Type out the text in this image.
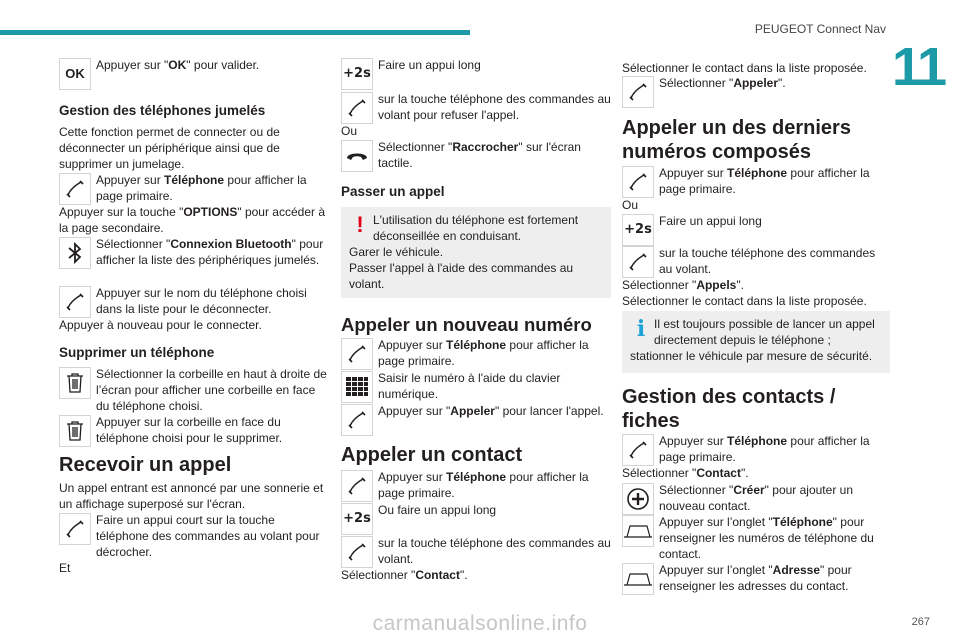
PEUGEOT Connect Nav
11
OK
Appuyer sur "OK" pour valider.
Gestion des téléphones jumelés

Cette fonction permet de connecter ou de déconnecter un périphérique ainsi que de supprimer un jumelage.

Appuyer sur Téléphone pour afficher la page primaire.

Appuyer sur la touche "OPTIONS" pour accéder à la page secondaire.

Sélectionner "Connexion Bluetooth" pour afficher la liste des périphériques jumelés.
Appuyer sur le nom du téléphone choisi dans la liste pour le déconnecter.

Appuyer à nouveau pour le connecter.

Supprimer un téléphone
Sélectionner la corbeille en haut à droite de l’écran pour afficher une corbeille en face du téléphone choisi.
Appuyer sur la corbeille en face du téléphone choisi pour le supprimer.
Recevoir un appel

Un appel entrant est annoncé par une sonnerie et un affichage superposé sur l'écran.

Faire un appui court sur la touche téléphone des commandes au volant pour décrocher.

Et

+2s
Faire un appui long
sur la touche téléphone des commandes au volant pour refuser l'appel.

Ou

Sélectionner "Raccrocher" sur l'écran tactile.
Passer un appel
! L'utilisation du téléphone est fortement déconseillée en conduisant.

Garer le véhicule.

Passer l'appel à l'aide des commandes au volant.

Appeler un nouveau numéro
Appuyer sur Téléphone pour afficher la page primaire.
Saisir le numéro à l'aide du clavier numérique.
Appuyer sur "Appeler" pour lancer l'appel.
Appeler un contact
Appuyer sur Téléphone pour afficher la page primaire.
+2s
Ou faire un appui long
sur la touche téléphone des commandes au volant.

Sélectionner "Contact".

Sélectionner le contact dans la liste proposée.

Sélectionner "Appeler".
Appeler un des derniers numéros composés
Appuyer sur Téléphone pour afficher la page primaire.

Ou

+2s
Faire un appui long
sur la touche téléphone des commandes au volant.

Sélectionner "Appels".

Sélectionner le contact dans la liste proposée.

i Il est toujours possible de lancer un appel directement depuis le téléphone ; stationner le véhicule par mesure de sécurité.

Gestion des contacts / fiches
Appuyer sur Téléphone pour afficher la page primaire.

Sélectionner "Contact".

Sélectionner "Créer" pour ajouter un nouveau contact.
Appuyer sur l’onglet "Téléphone" pour renseigner les numéros de téléphone du contact.
Appuyer sur l’onglet "Adresse" pour renseigner les adresses du contact.
267
carmanualsonline.info
